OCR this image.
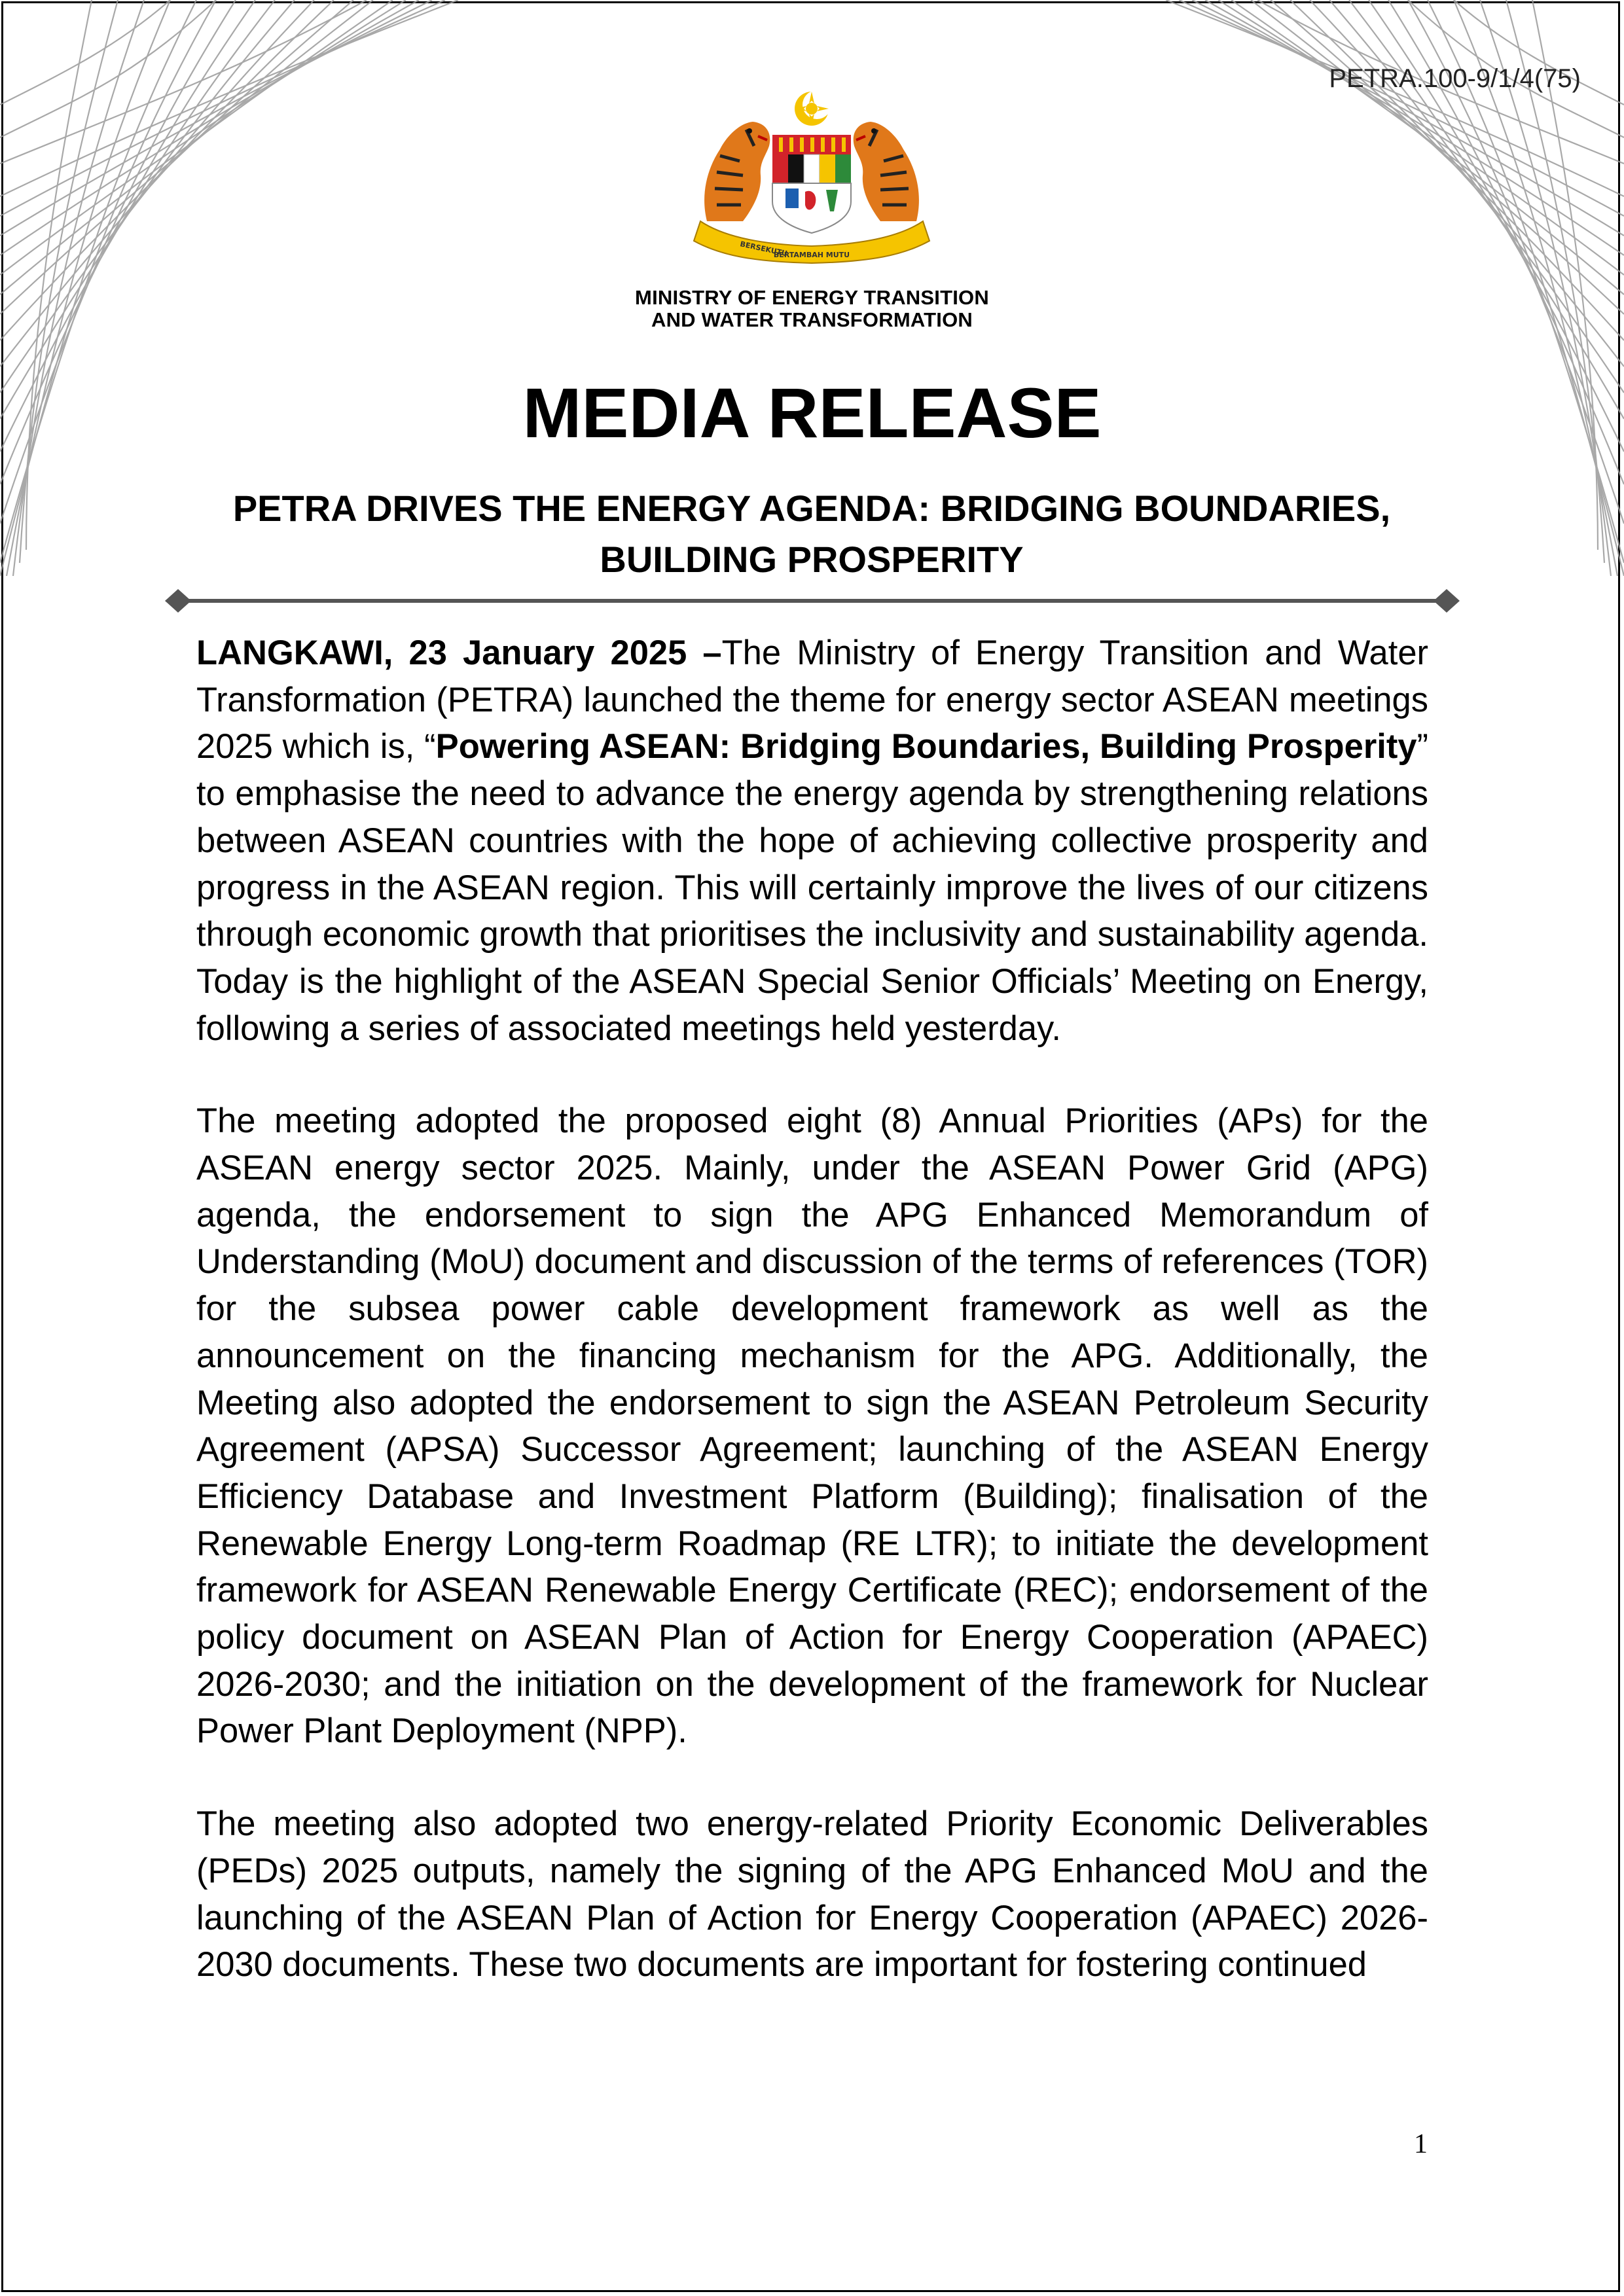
PETRA.100-9/1/4(75)
BERSEKUTU
BERTAMBAH MUTU
MINISTRY OF ENERGY TRANSITION
AND WATER TRANSFORMATION
MEDIA RELEASE
PETRA DRIVES THE ENERGY AGENDA: BRIDGING BOUNDARIES, BUILDING PROSPERITY

LANGKAWI, 23 January 2025 –The Ministry of Energy Transition and Water Transformation (PETRA) launched the theme for energy sector ASEAN meetings 2025 which is, “Powering ASEAN: Bridging Boundaries, Building Prosperity” to emphasise the need to advance the energy agenda by strengthening relations between ASEAN countries with the hope of achieving collective prosperity and progress in the ASEAN region. This will certainly improve the lives of our citizens through economic growth that prioritises the inclusivity and sustainability agenda. Today is the highlight of the ASEAN Special Senior Officials’ Meeting on Energy, following a series of associated meetings held yesterday.

The meeting adopted the proposed eight (8) Annual Priorities (APs) for the ASEAN energy sector 2025. Mainly, under the ASEAN Power Grid (APG) agenda, the endorsement to sign the APG Enhanced Memorandum of Understanding (MoU) document and discussion of the terms of references (TOR) for the subsea power cable development framework as well as the announcement on the financing mechanism for the APG. Additionally, the Meeting also adopted the endorsement to sign the ASEAN Petroleum Security Agreement (APSA) Successor Agreement; launching of the ASEAN Energy Efficiency Database and Investment Platform (Building); finalisation of the Renewable Energy Long-term Roadmap (RE LTR); to initiate the development framework for ASEAN Renewable Energy Certificate (REC); endorsement of the policy document on ASEAN Plan of Action for Energy Cooperation (APAEC) 2026-2030; and the initiation on the development of the framework for Nuclear Power Plant Deployment (NPP).

The meeting also adopted two energy-related Priority Economic Deliverables (PEDs) 2025 outputs, namely the signing of the APG Enhanced MoU and the launching of the ASEAN Plan of Action for Energy Cooperation (APAEC) 2026-2030 documents. These two documents are important for fostering continued

1
